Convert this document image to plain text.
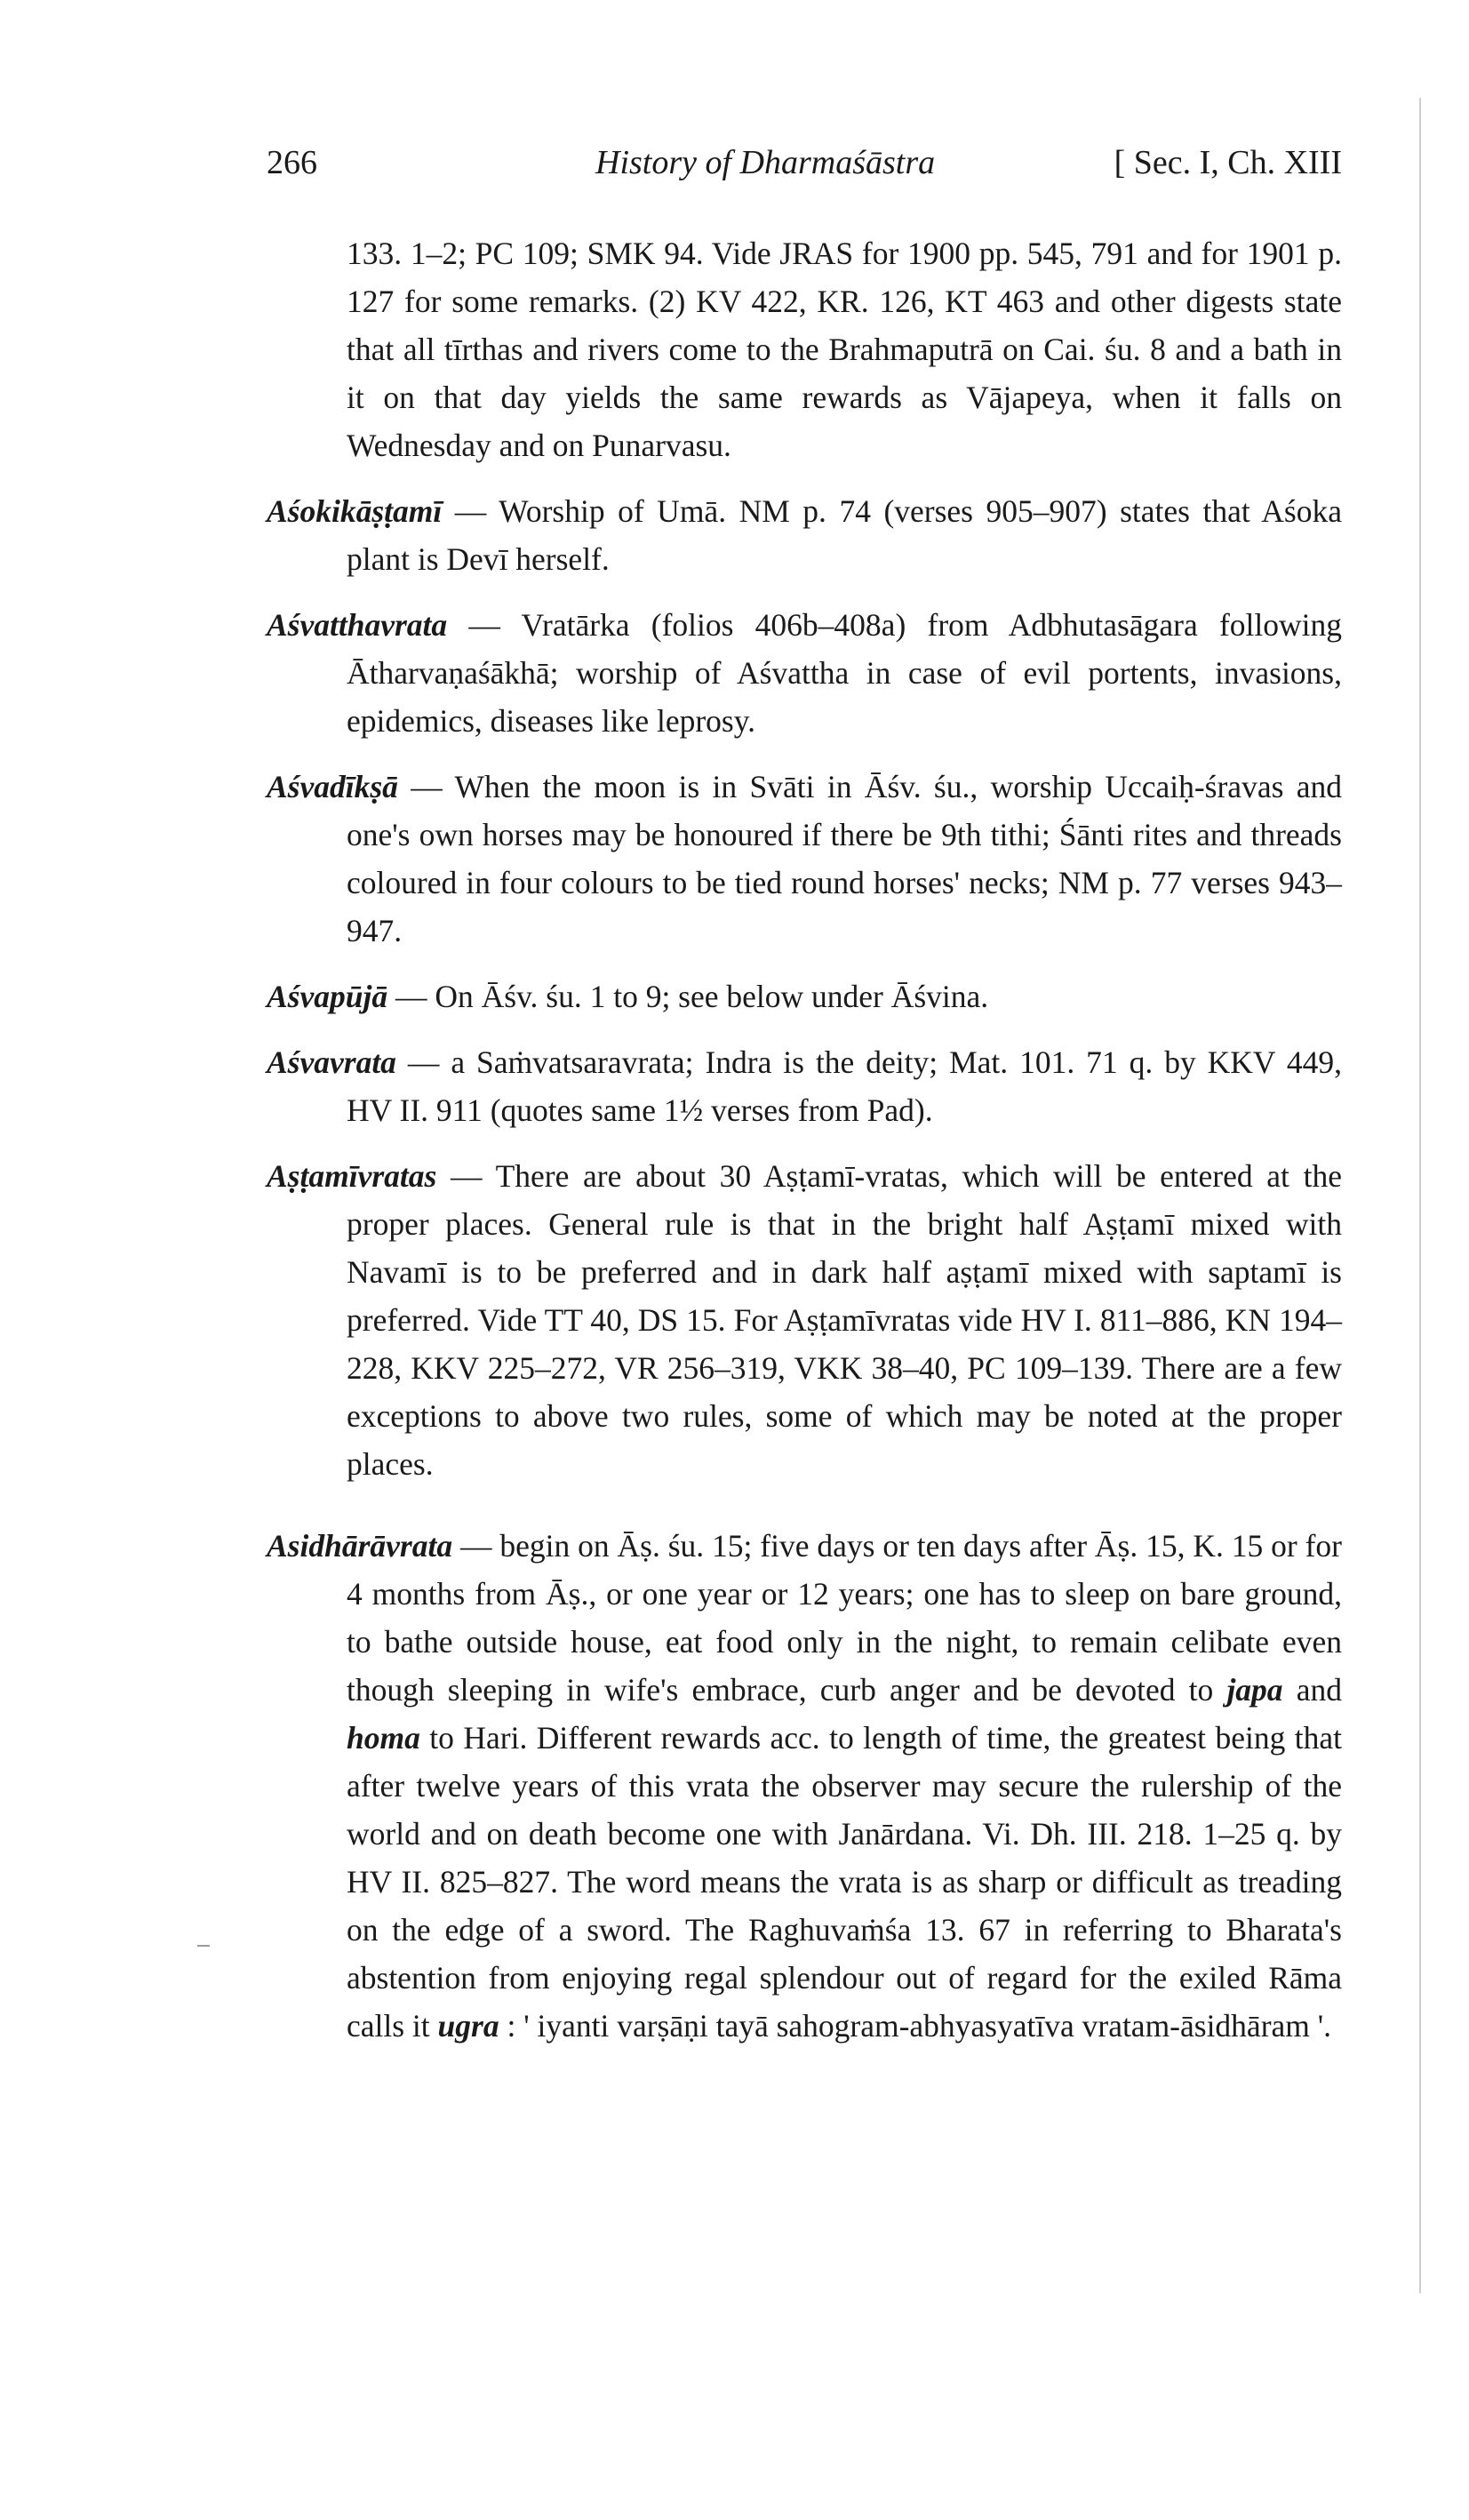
266	History of Dharmaśāstra	[ Sec. I, Ch. XIII

133. 1–2; PC 109; SMK 94. Vide JRAS for 1900 pp. 545, 791 and for 1901 p. 127 for some remarks. (2) KV 422, KR. 126, KT 463 and other digests state that all tīrthas and rivers come to the Brahmaputrā on Cai. śu. 8 and a bath in it on that day yields the same rewards as Vājapeya, when it falls on Wednesday and on Punarvasu.

Aśokikāṣṭamī — Worship of Umā. NM p. 74 (verses 905–907) states that Aśoka plant is Devī herself.

Aśvatthavrata — Vratārka (folios 406b–408a) from Adbhutasāgara following Ātharvaṇaśākhā; worship of Aśvattha in case of evil portents, invasions, epidemics, diseases like leprosy.

Aśvadīkṣā — When the moon is in Svāti in Āśv. śu., worship Uccaiḥ-śravas and one's own horses may be honoured if there be 9th tithi; Śānti rites and threads coloured in four colours to be tied round horses' necks; NM p. 77 verses 943–947.

Aśvapūjā — On Āśv. śu. 1 to 9; see below under Āśvina.

Aśvavrata — a Saṁvatsaravrata; Indra is the deity; Mat. 101. 71 q. by KKV 449, HV II. 911 (quotes same 1½ verses from Pad).

Aṣṭamīvratas — There are about 30 Aṣṭamī-vratas, which will be entered at the proper places. General rule is that in the bright half Aṣṭamī mixed with Navamī is to be preferred and in dark half aṣṭamī mixed with saptamī is preferred. Vide TT 40, DS 15. For Aṣṭamīvratas vide HV I. 811–886, KN 194–228, KKV 225–272, VR 256–319, VKK 38–40, PC 109–139. There are a few exceptions to above two rules, some of which may be noted at the proper places.

Asidhārāvrata — begin on Āṣ. śu. 15; five days or ten days after Āṣ. 15, K. 15 or for 4 months from Āṣ., or one year or 12 years; one has to sleep on bare ground, to bathe outside house, eat food only in the night, to remain celibate even though sleeping in wife's embrace, curb anger and be devoted to japa and homa to Hari. Different rewards acc. to length of time, the greatest being that after twelve years of this vrata the observer may secure the rulership of the world and on death become one with Janārdana. Vi. Dh. III. 218. 1–25 q. by HV II. 825–827. The word means the vrata is as sharp or difficult as treading on the edge of a sword. The Raghuvaṁśa 13. 67 in referring to Bharata's abstention from enjoying regal splendour out of regard for the exiled Rāma calls it ugra : ' iyanti varṣāṇi tayā sahogram-abhyasyatīva vratam-āsidhāram '.
